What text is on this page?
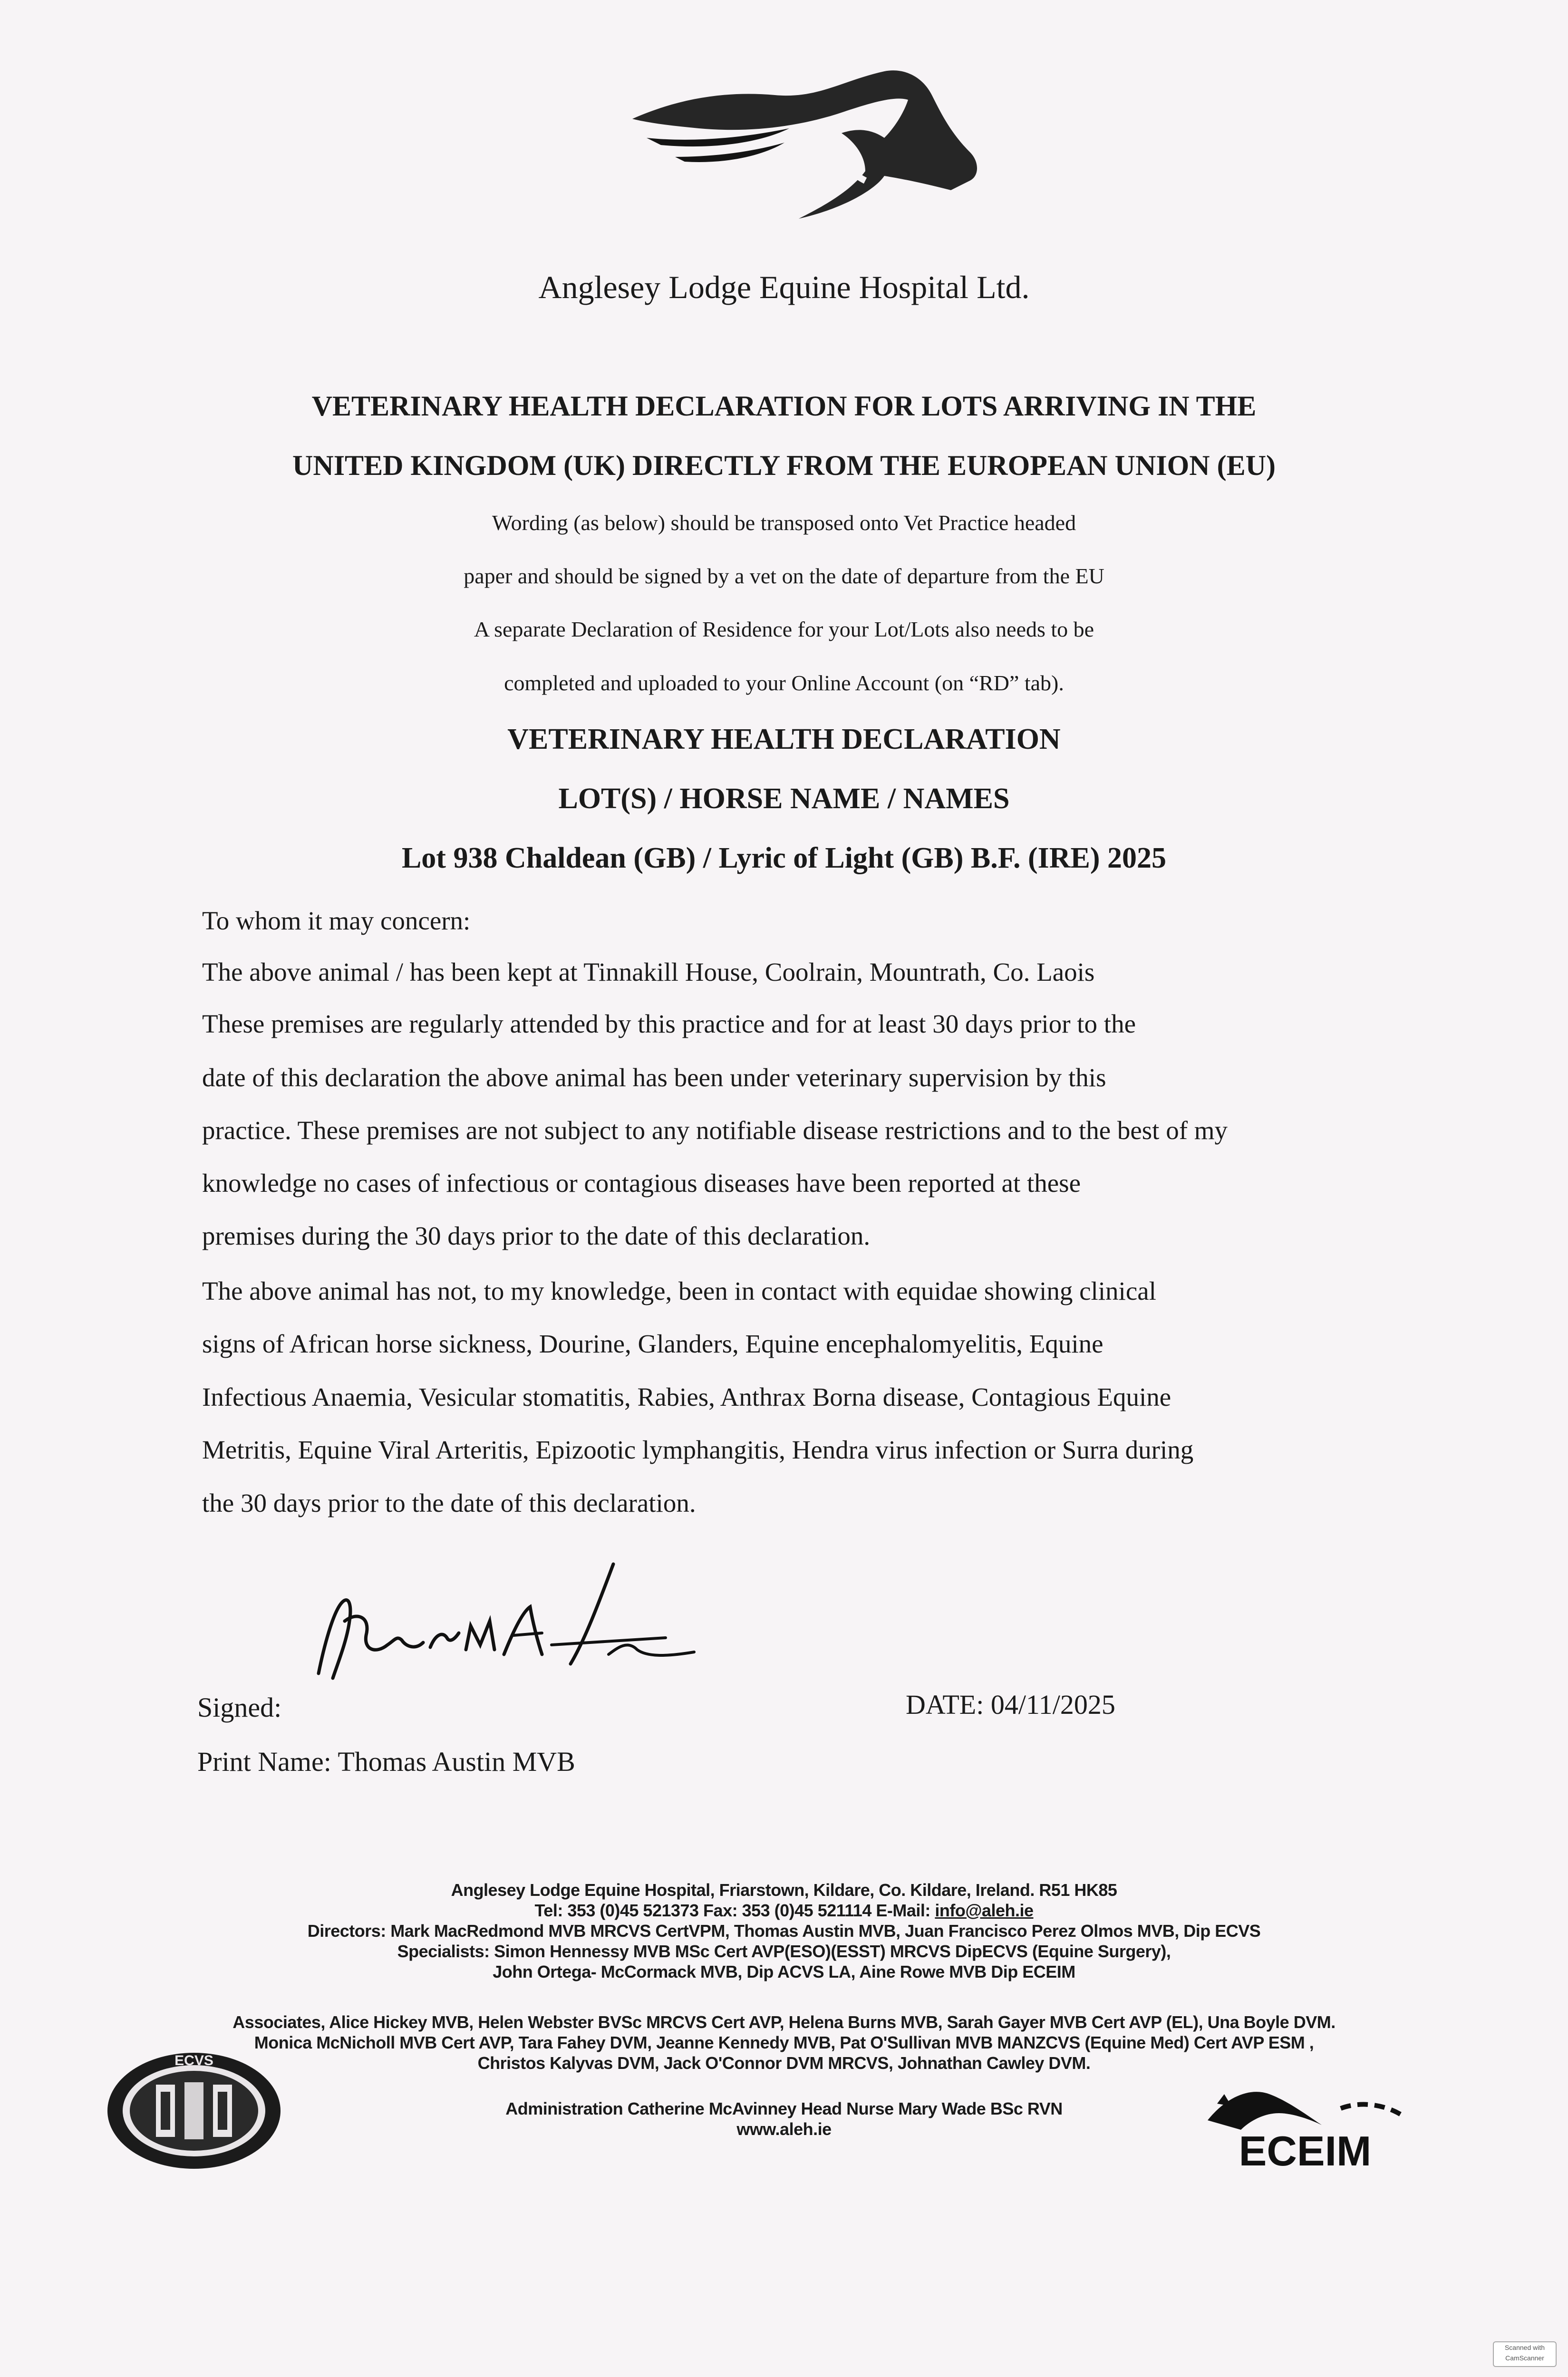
Anglesey Lodge Equine Hospital Ltd.
VETERINARY HEALTH DECLARATION FOR LOTS ARRIVING IN THE
UNITED KINGDOM (UK) DIRECTLY FROM THE EUROPEAN UNION (EU)
Wording (as below) should be transposed onto Vet Practice headed
paper and should be signed by a vet on the date of departure from the EU
A separate Declaration of Residence for your Lot/Lots also needs to be
completed and uploaded to your Online Account (on “RD” tab).
VETERINARY HEALTH DECLARATION
LOT(S) / HORSE NAME / NAMES
Lot 938 Chaldean (GB) / Lyric of Light (GB) B.F. (IRE) 2025
To whom it may concern:
The above animal / has been kept at Tinnakill House, Coolrain, Mountrath, Co. Laois
These premises are regularly attended by this practice and for at least 30 days prior to the
date of this declaration the above animal has been under veterinary supervision by this
practice. These premises are not subject to any notifiable disease restrictions and to the best of my
knowledge no cases of infectious or contagious diseases have been reported at these
premises during the 30 days prior to the date of this declaration.
The above animal has not, to my knowledge, been in contact with equidae showing clinical
signs of African horse sickness, Dourine, Glanders, Equine encephalomyelitis, Equine
Infectious Anaemia, Vesicular stomatitis, Rabies, Anthrax Borna disease, Contagious Equine
Metritis, Equine Viral Arteritis, Epizootic lymphangitis, Hendra virus infection or Surra during
the 30 days prior to the date of this declaration.
Signed:	DATE: 04/11/2025
Print Name: Thomas Austin MVB
Anglesey Lodge Equine Hospital, Friarstown, Kildare, Co. Kildare, Ireland. R51 HK85
Tel: 353 (0)45 521373 Fax: 353 (0)45 521114 E-Mail: info@aleh.ie
Directors: Mark MacRedmond MVB MRCVS CertVPM, Thomas Austin MVB, Juan Francisco Perez Olmos MVB, Dip ECVS
Specialists: Simon Hennessy MVB MSc Cert AVP(ESO)(ESST) MRCVS DipECVS (Equine Surgery),
John Ortega- McCormack MVB, Dip ACVS LA, Aine Rowe MVB Dip ECEIM
Associates, Alice Hickey MVB, Helen Webster BVSc MRCVS Cert AVP, Helena Burns MVB, Sarah Gayer MVB Cert AVP (EL), Una Boyle DVM.
Monica McNicholl MVB Cert AVP, Tara Fahey DVM, Jeanne Kennedy MVB, Pat O'Sullivan MVB MANZCVS (Equine Med) Cert AVP ESM ,
Christos Kalyvas DVM, Jack O'Connor DVM MRCVS, Johnathan Cawley DVM.
Administration Catherine McAvinney Head Nurse Mary Wade BSc RVN
www.aleh.ie
ECVS
ECEIM
Scanned with
CamScanner
